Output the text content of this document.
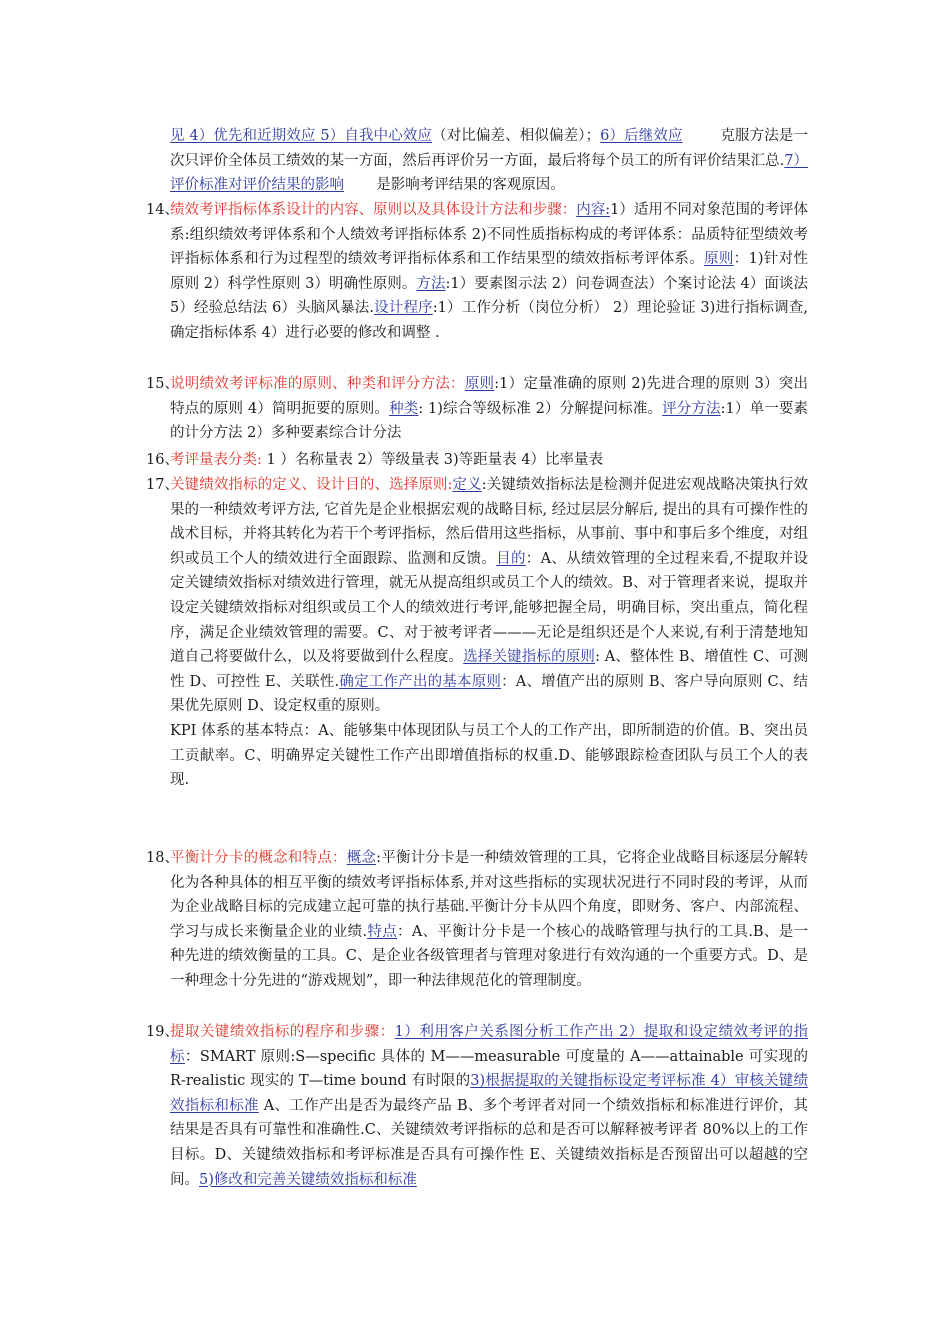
见 4）优先和近期效应 5）自我中心效应（对比偏差、相似偏差）；6）后继效应	克服方法是一次只评价全体员工绩效的某一方面，然后再评价另一方面，最后将每个员工的所有评价结果汇总.7）评价标准对评价结果的影响 是影响考评结果的客观原因。

14、

绩效考评指标体系设计的内容、原则以及具体设计方法和步骤：内容:1）适用不同对象范围的考评体系:组织绩效考评体系和个人绩效考评指标体系 2)不同性质指标构成的考评体系：品质特征型绩效考评指标体系和行为过程型的绩效考评指标体系和工作结果型的绩效指标考评体系。原则：1)针对性原则 2）科学性原则 3）明确性原则。方法:1）要素图示法 2）问卷调查法）个案讨论法 4）面谈法 5）经验总结法 6）头脑风暴法.设计程序:1）工作分析（岗位分析） 2）理论验证 3)进行指标调查, 确定指标体系 4）进行必要的修改和调整 .

15、

说明绩效考评标准的原则、种类和评分方法：原则:1）定量准确的原则 2)先进合理的原则 3）突出特点的原则 4）简明扼要的原则。种类: 1)综合等级标准 2）分解提问标准。评分方法:1）单一要素的计分方法 2）多种要素综合计分法

16、

考评量表分类: 1 ）名称量表 2）等级量表 3)等距量表 4）比率量表

17、

关键绩效指标的定义、设计目的、选择原则:定义:关键绩效指标法是检测并促进宏观战略决策执行效果的一种绩效考评方法, 它首先是企业根据宏观的战略目标, 经过层层分解后, 提出的具有可操作性的战术目标，并将其转化为若干个考评指标，然后借用这些指标，从事前、事中和事后多个维度，对组织或员工个人的绩效进行全面跟踪、监测和反馈。目的：A、从绩效管理的全过程来看,不提取并设定关键绩效指标对绩效进行管理，就无从提高组织或员工个人的绩效。B、对于管理者来说，提取并设定关键绩效指标对组织或员工个人的绩效进行考评,能够把握全局，明确目标，突出重点，简化程序，满足企业绩效管理的需要。C、对于被考评者———无论是组织还是个人来说,有利于清楚地知道自己将要做什么，以及将要做到什么程度。选择关键指标的原则: A、整体性 B、增值性 C、可测性 D、可控性 E、关联性.确定工作产出的基本原则：A、增值产出的原则 B、客户导向原则 C、结果优先原则 D、设定权重的原则。

KPI 体系的基本特点：A、能够集中体现团队与员工个人的工作产出，即所制造的价值。B、突出员工贡献率。C、明确界定关键性工作产出即增值指标的权重.D、能够跟踪检查团队与员工个人的表现.

18、

平衡计分卡的概念和特点：概念:平衡计分卡是一种绩效管理的工具，它将企业战略目标逐层分解转化为各种具体的相互平衡的绩效考评指标体系,并对这些指标的实现状况进行不同时段的考评，从而为企业战略目标的完成建立起可靠的执行基础.平衡计分卡从四个角度，即财务、客户、内部流程、学习与成长来衡量企业的业绩.特点：A、平衡计分卡是一个核心的战略管理与执行的工具.B、是一种先进的绩效衡量的工具。C、是企业各级管理者与管理对象进行有效沟通的一个重要方式。D、是一种理念十分先进的“游戏规划”，即一种法律规范化的管理制度。

19、

提取关键绩效指标的程序和步骤：1）利用客户关系图分析工作产出 2）提取和设定绩效考评的指标：SMART 原则:S—specific 具体的 M——measurable 可度量的 A——attainable 可实现的 R-realistic 现实的 T—time bound 有时限的3)根据提取的关键指标设定考评标准 4）审核关键绩效指标和标准 A、工作产出是否为最终产品 B、多个考评者对同一个绩效指标和标准进行评价，其结果是否具有可靠性和准确性.C、关键绩效考评指标的总和是否可以解释被考评者 80%以上的工作目标。D、关键绩效指标和考评标准是否具有可操作性 E、关键绩效指标是否预留出可以超越的空间。5)修改和完善关键绩效指标和标准
